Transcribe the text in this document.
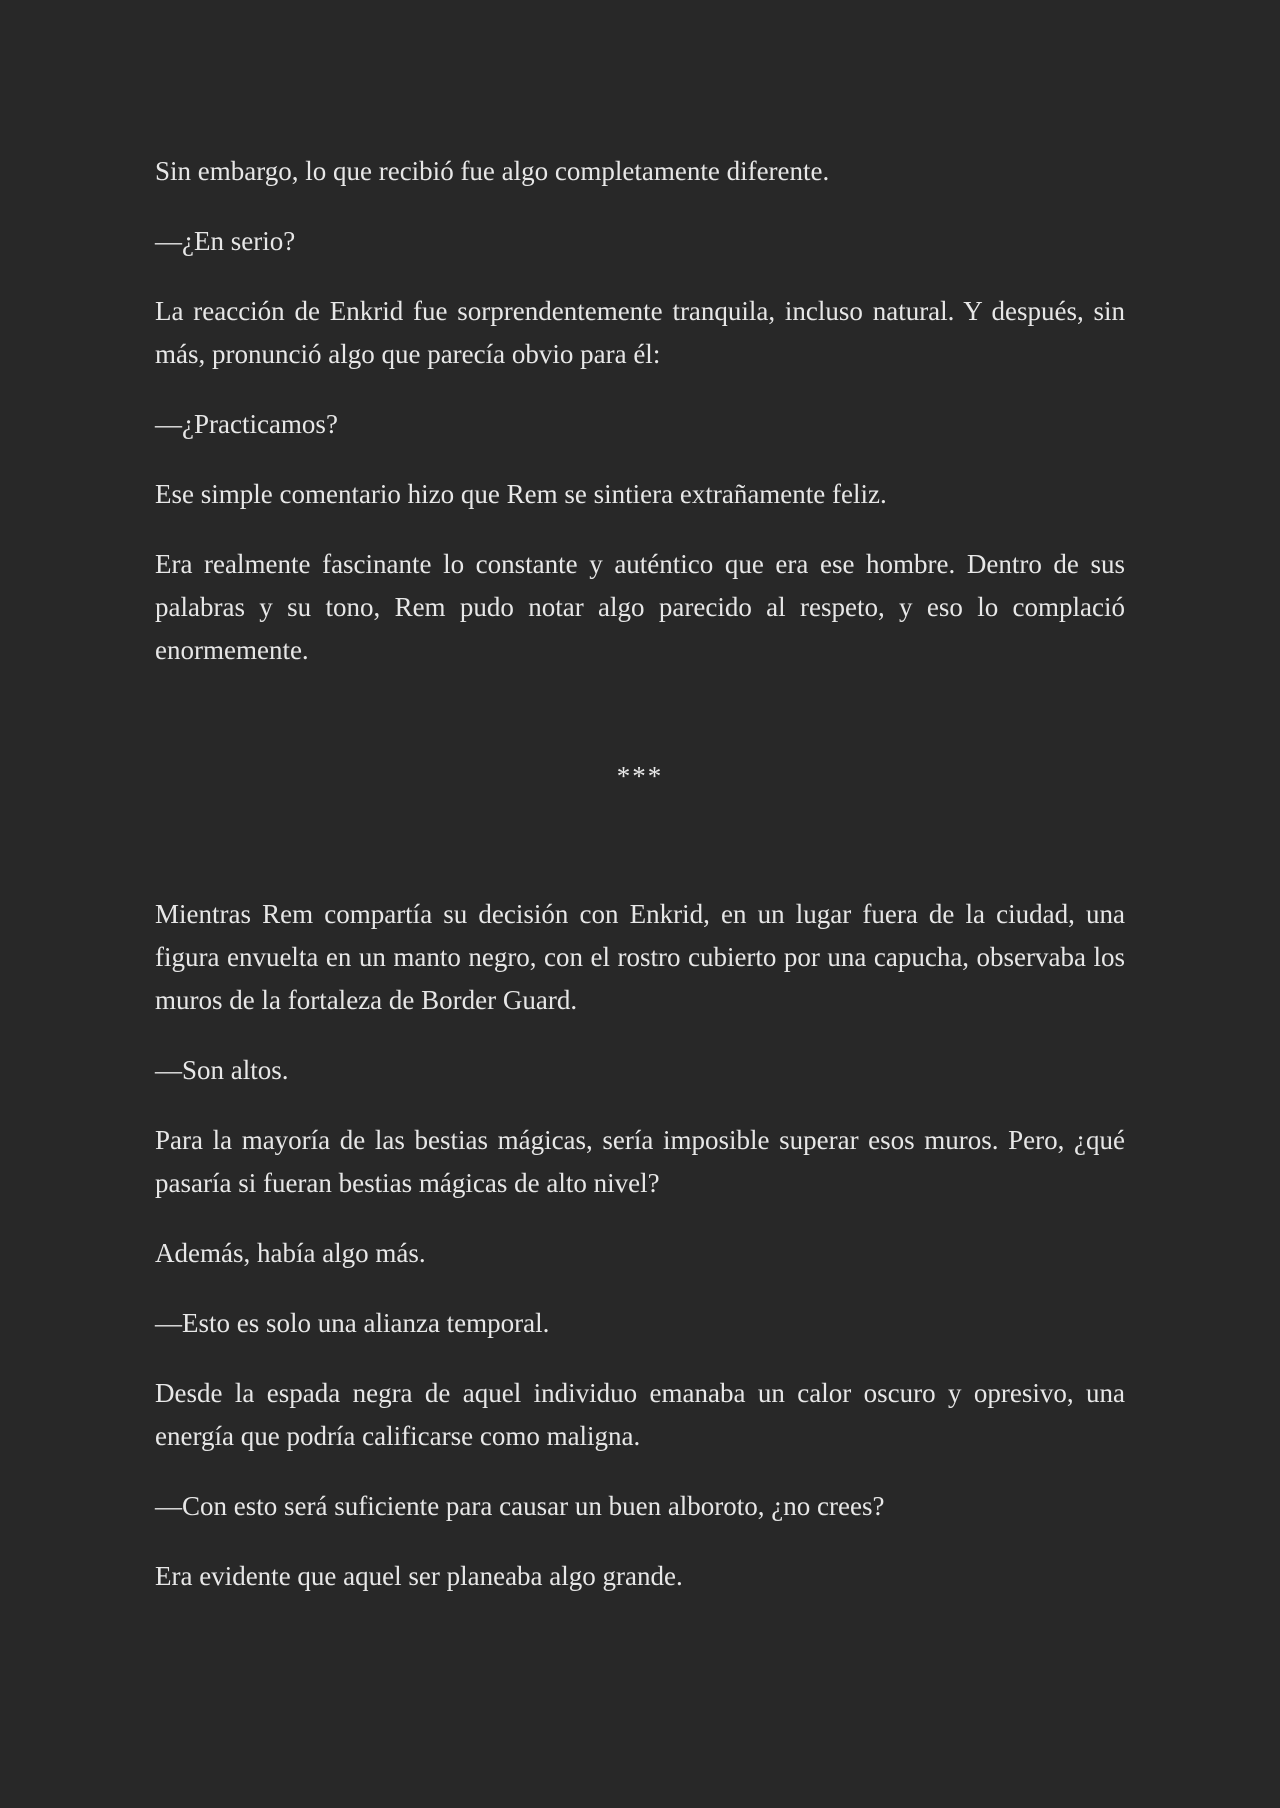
Sin embargo, lo que recibió fue algo completamente diferente.

—¿En serio?

La reacción de Enkrid fue sorprendentemente tranquila, incluso natural. Y después, sin más, pronunció algo que parecía obvio para él:

—¿Practicamos?

Ese simple comentario hizo que Rem se sintiera extrañamente feliz.

Era realmente fascinante lo constante y auténtico que era ese hombre. Dentro de sus palabras y su tono, Rem pudo notar algo parecido al respeto, y eso lo complació enormemente.

***

Mientras Rem compartía su decisión con Enkrid, en un lugar fuera de la ciudad, una figura envuelta en un manto negro, con el rostro cubierto por una capucha, observaba los muros de la fortaleza de Border Guard.

—Son altos.

Para la mayoría de las bestias mágicas, sería imposible superar esos muros. Pero, ¿qué pasaría si fueran bestias mágicas de alto nivel?

Además, había algo más.

—Esto es solo una alianza temporal.

Desde la espada negra de aquel individuo emanaba un calor oscuro y opresivo, una energía que podría calificarse como maligna.

—Con esto será suficiente para causar un buen alboroto, ¿no crees?

Era evidente que aquel ser planeaba algo grande.
